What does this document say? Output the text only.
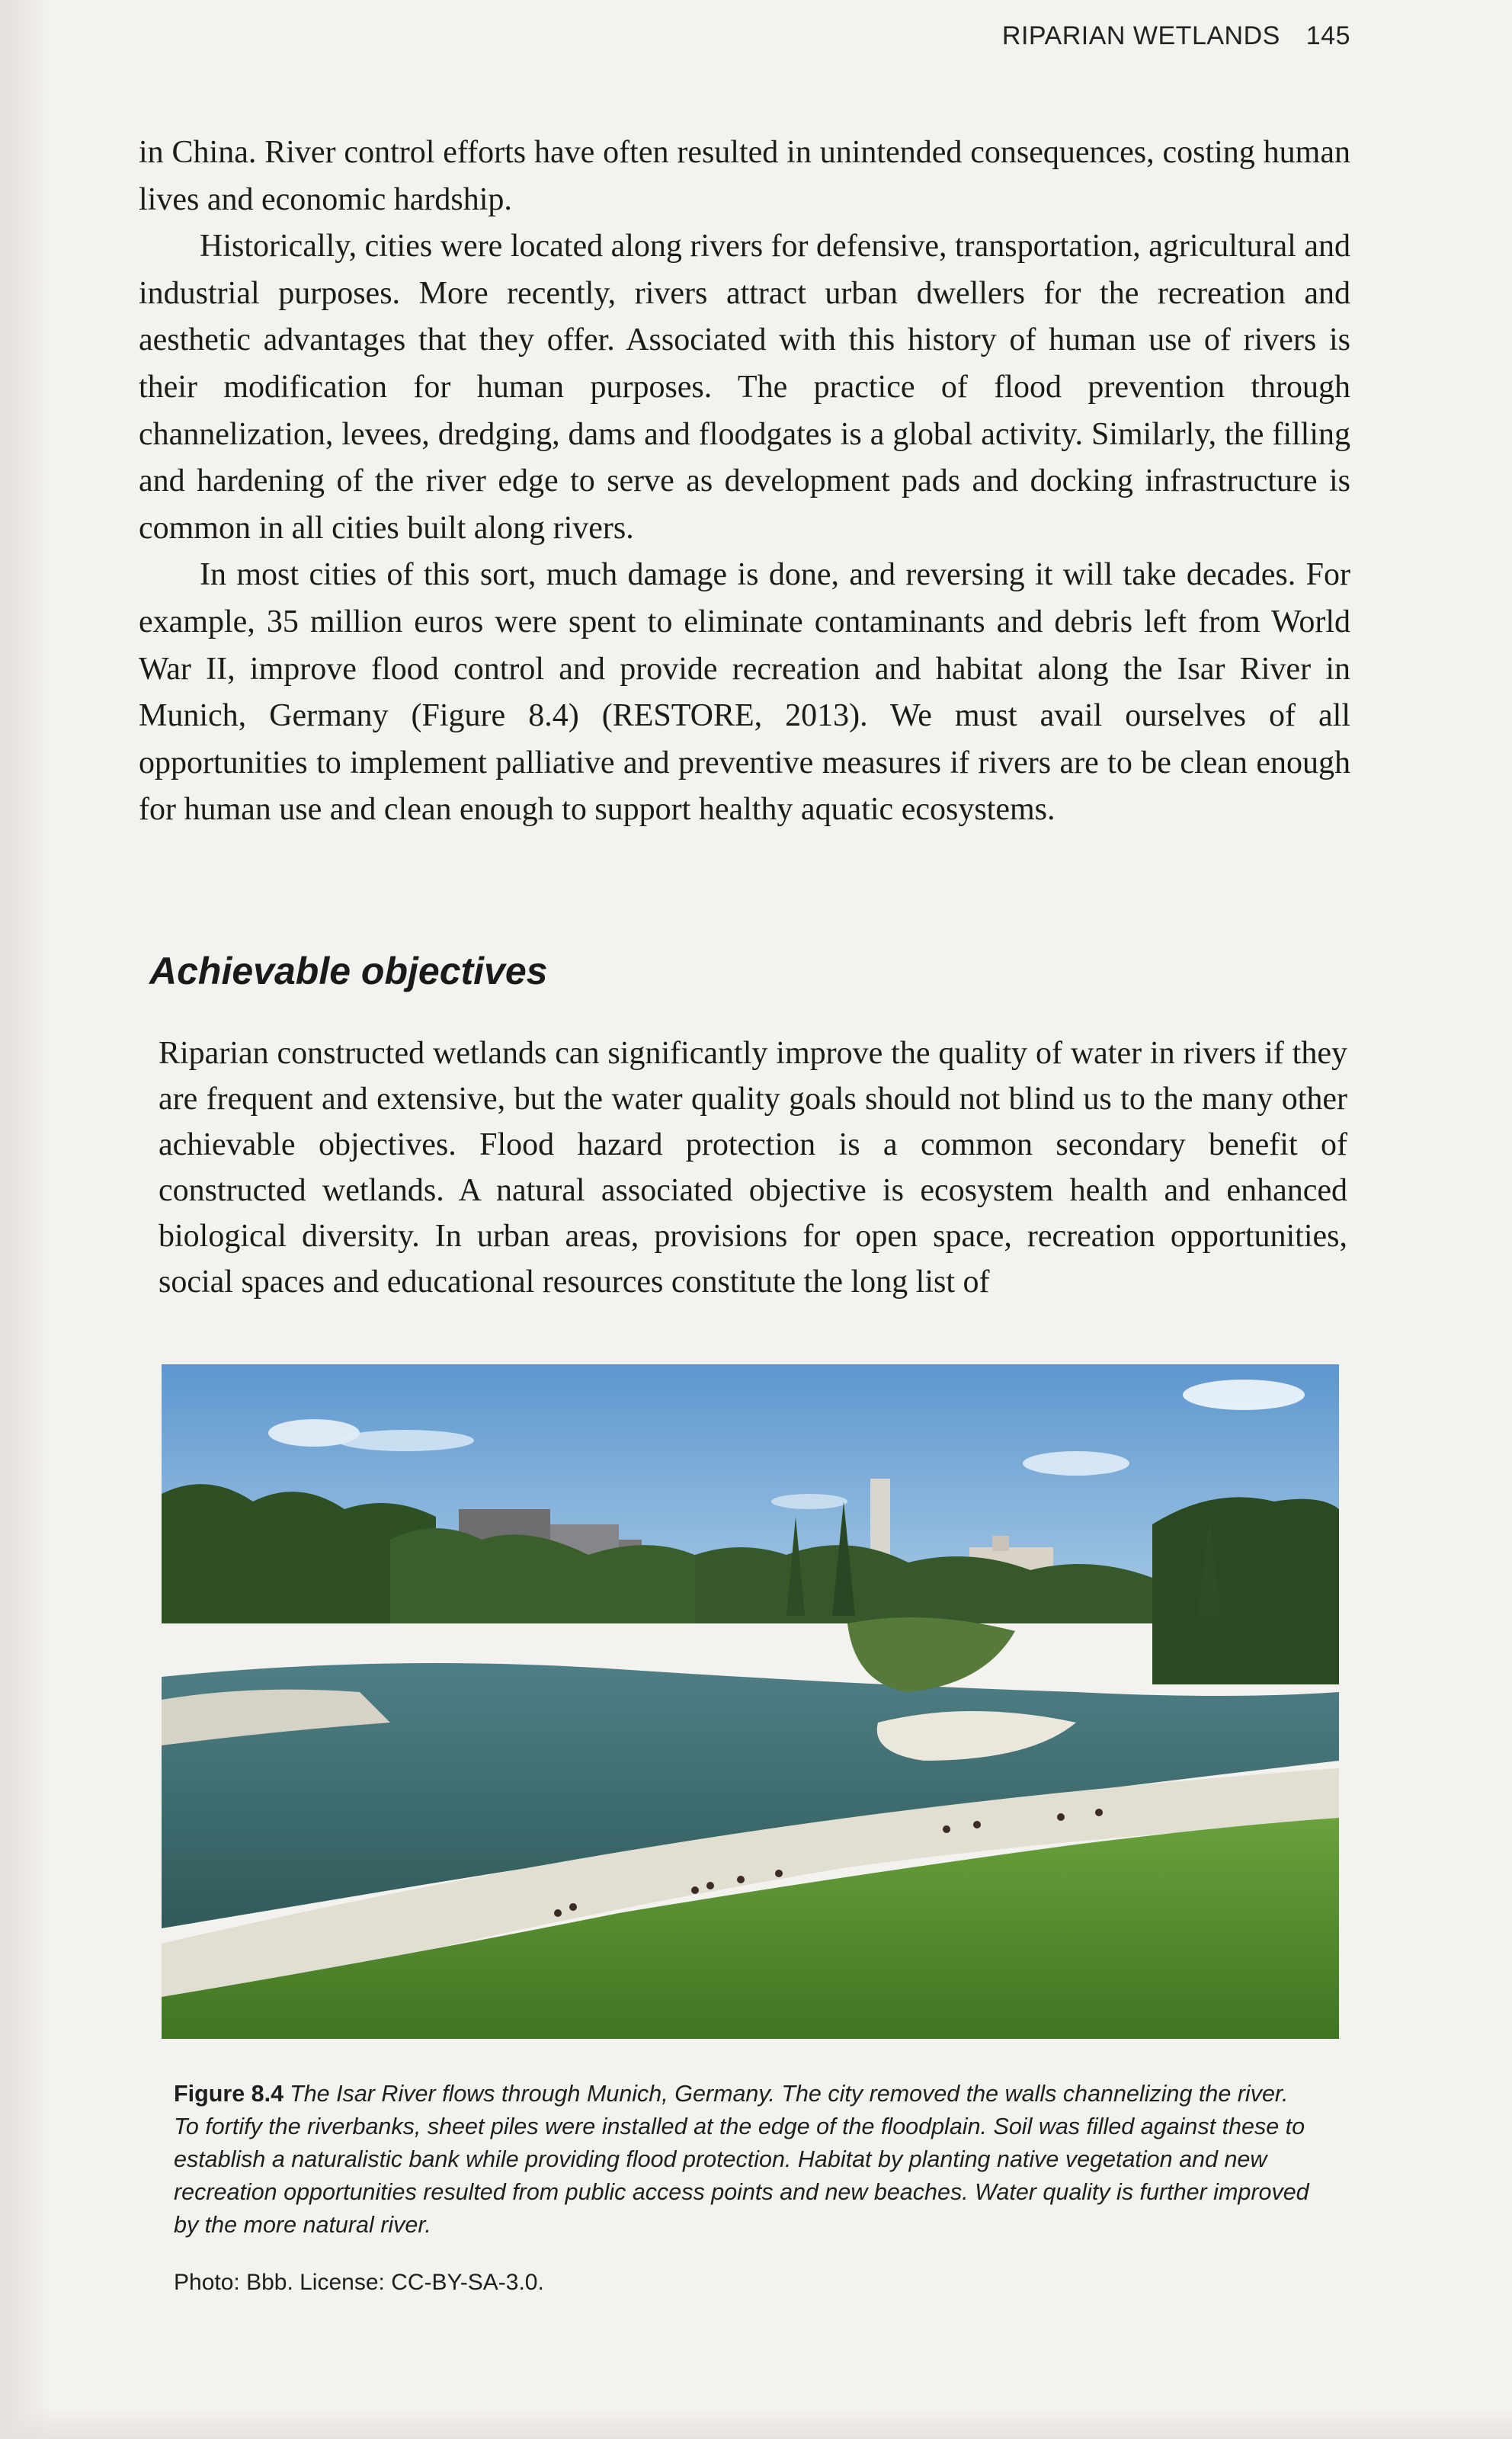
RIPARIAN WETLANDS 145

in China. River control efforts have often resulted in unintended consequences, costing human lives and economic hardship.

Historically, cities were located along rivers for defensive, transportation, agricultural and industrial purposes. More recently, rivers attract urban dwellers for the recreation and aesthetic advantages that they offer. Associated with this history of human use of rivers is their modification for human purposes. The practice of flood prevention through channelization, levees, dredging, dams and floodgates is a global activity. Similarly, the filling and hardening of the river edge to serve as development pads and docking infrastructure is common in all cities built along rivers.

In most cities of this sort, much damage is done, and reversing it will take decades. For example, 35 million euros were spent to eliminate contaminants and debris left from World War II, improve flood control and provide recreation and habitat along the Isar River in Munich, Germany (Figure 8.4) (RESTORE, 2013). We must avail ourselves of all opportunities to implement palliative and preventive measures if rivers are to be clean enough for human use and clean enough to support healthy aquatic ecosystems.

Achievable objectives

Riparian constructed wetlands can significantly improve the quality of water in rivers if they are frequent and extensive, but the water quality goals should not blind us to the many other achievable objectives. Flood hazard protection is a common secondary benefit of constructed wetlands. A natural associated objective is ecosystem health and enhanced biological diversity. In urban areas, provisions for open space, recreation opportunities, social spaces and educational resources constitute the long list of

Figure 8.4 The Isar River flows through Munich, Germany. The city removed the walls channelizing the river. To fortify the riverbanks, sheet piles were installed at the edge of the floodplain. Soil was filled against these to establish a naturalistic bank while providing flood protection. Habitat by planting native vegetation and new recreation opportunities resulted from public access points and new beaches. Water quality is further improved by the more natural river.
Photo: Bbb. License: CC-BY-SA-3.0.
